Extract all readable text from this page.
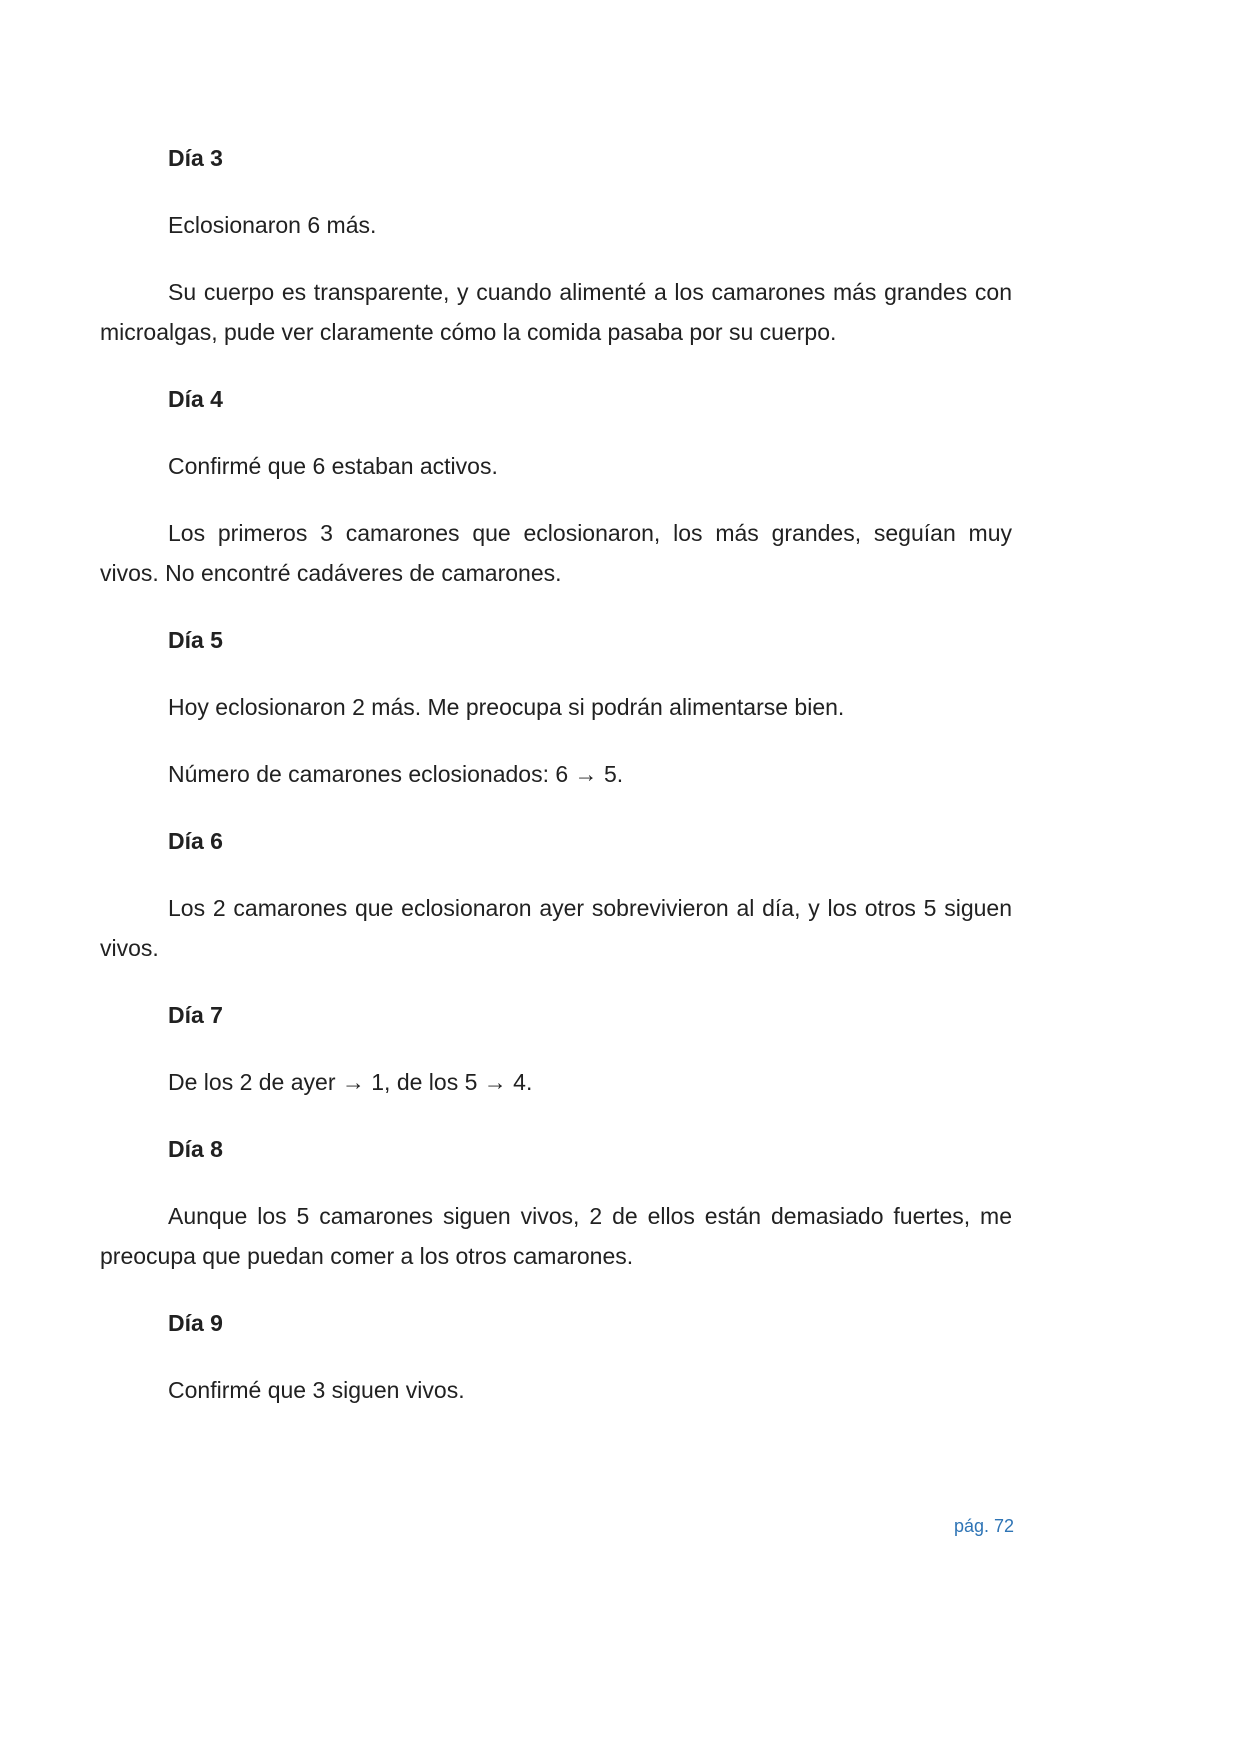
Día 3

Eclosionaron 6 más.

Su cuerpo es transparente, y cuando alimenté a los camarones más grandes con microalgas, pude ver claramente cómo la comida pasaba por su cuerpo.

Día 4

Confirmé que 6 estaban activos.

Los primeros 3 camarones que eclosionaron, los más grandes, seguían muy vivos. No encontré cadáveres de camarones.

Día 5

Hoy eclosionaron 2 más. Me preocupa si podrán alimentarse bien.

Número de camarones eclosionados: 6 → 5.

Día 6

Los 2 camarones que eclosionaron ayer sobrevivieron al día, y los otros 5 siguen vivos.

Día 7

De los 2 de ayer → 1, de los 5 → 4.

Día 8

Aunque los 5 camarones siguen vivos, 2 de ellos están demasiado fuertes, me preocupa que puedan comer a los otros camarones.

Día 9

Confirmé que 3 siguen vivos.

pág. 72
